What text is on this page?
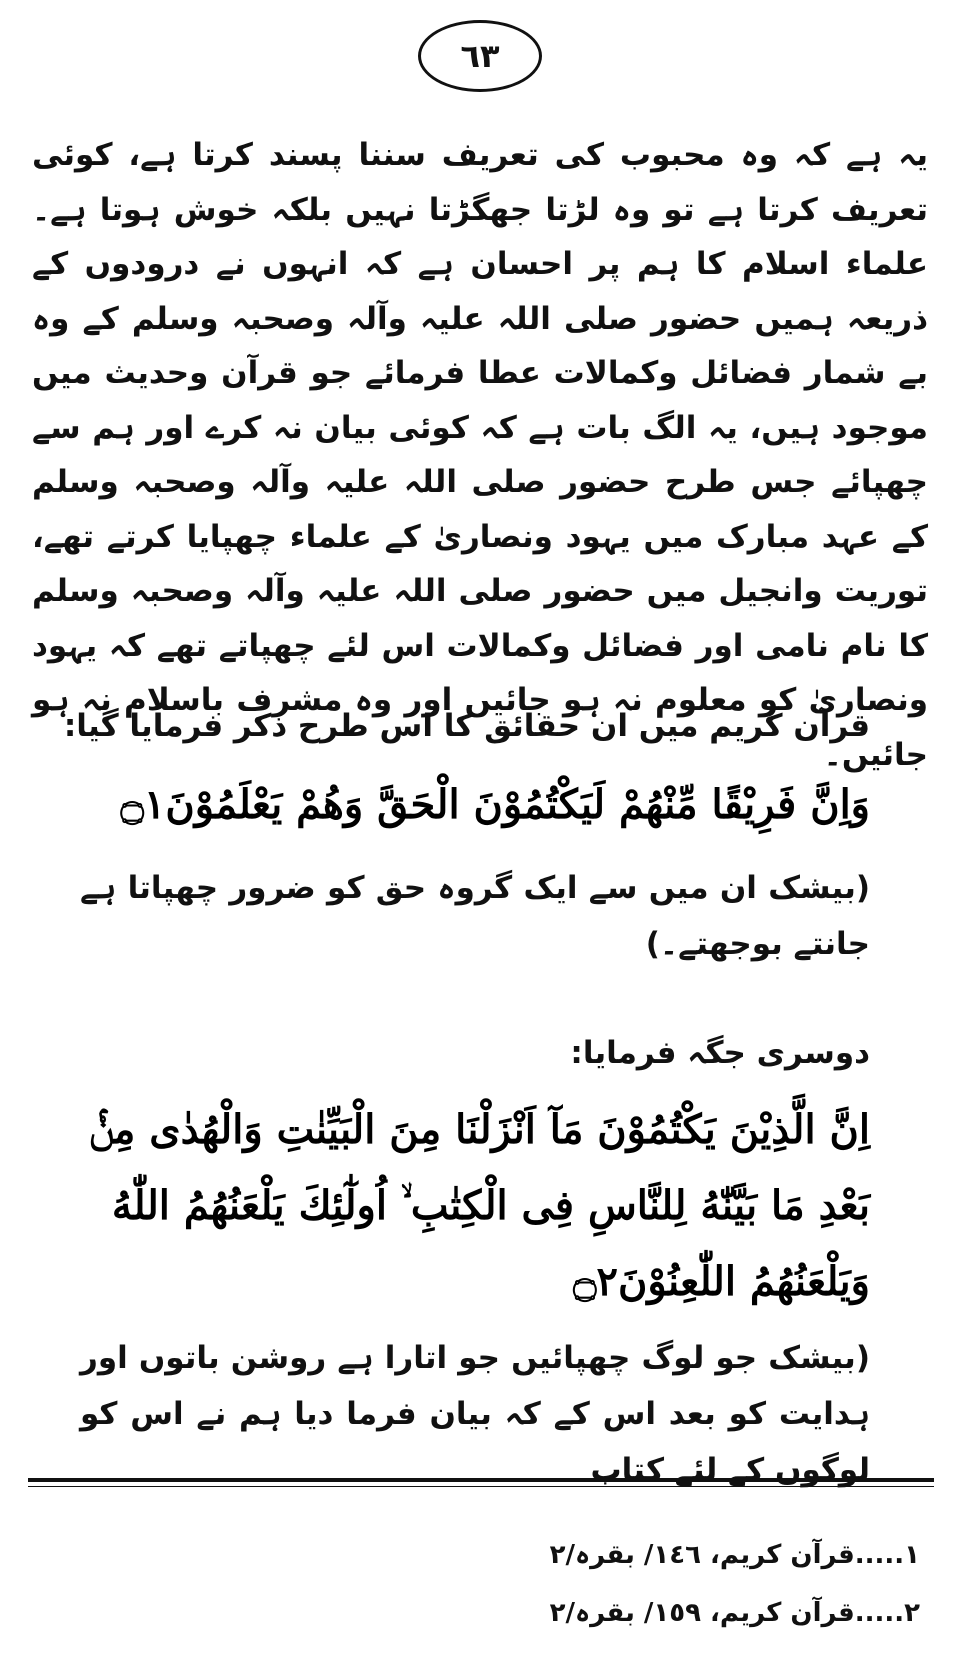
٦٣
یہ ہے کہ وہ محبوب کی تعریف سننا پسند کرتا ہے، کوئی تعریف کرتا ہے تو وہ لڑتا جھگڑتا نہیں بلکہ خوش ہوتا ہے۔ علماء اسلام کا ہم پر احسان ہے کہ انہوں نے درودوں کے ذریعہ ہمیں حضور صلی اللہ علیہ وآلہ وصحبہ وسلم کے وہ بے شمار فضائل وکمالات عطا فرمائے جو قرآن وحدیث میں موجود ہیں، یہ الگ بات ہے کہ کوئی بیان نہ کرے اور ہم سے چھپائے جس طرح حضور صلی اللہ علیہ وآلہ وصحبہ وسلم کے عہد مبارک میں یہود ونصاریٰ کے علماء چھپایا کرتے تھے، توریت وانجیل میں حضور صلی اللہ علیہ وآلہ وصحبہ وسلم کا نام نامی اور فضائل وکمالات اس لئے چھپاتے تھے کہ یہود ونصاریٰ کو معلوم نہ ہو جائیں اور وہ مشرف باسلام نہ ہو جائیں۔
قرآن کریم میں ان حقائق کا اس طرح ذکر فرمایا گیا:
وَاِنَّ فَرِيْقًا مِّنْهُمْ لَيَكْتُمُوْنَ الْحَقَّ وَهُمْ يَعْلَمُوْنَ۝١
(بیشک ان میں سے ایک گروہ حق کو ضرور چھپاتا ہے جانتے بوجھتے۔)
دوسری جگہ فرمایا:
اِنَّ الَّذِيْنَ يَكْتُمُوْنَ مَآ اَنْزَلْنَا مِنَ الْبَيِّنٰتِ وَالْهُدٰى مِنْۢ بَعْدِ مَا بَيَّنّٰهُ لِلنَّاسِ فِى الْكِتٰبِ ۙ اُولٰٓئِكَ يَلْعَنُهُمُ اللّٰهُ وَيَلْعَنُهُمُ اللّٰعِنُوْنَ۝٢
(بیشک جو لوگ چھپائیں جو اتارا ہے روشن باتوں اور ہدایت کو بعد اس کے کہ بیان فرما دیا ہم نے اس کو لوگوں کے لئے کتاب
١.....قرآن کریم، ١٤٦/ بقرہ/٢
٢.....قرآن کریم، ١٥٩/ بقرہ/٢
